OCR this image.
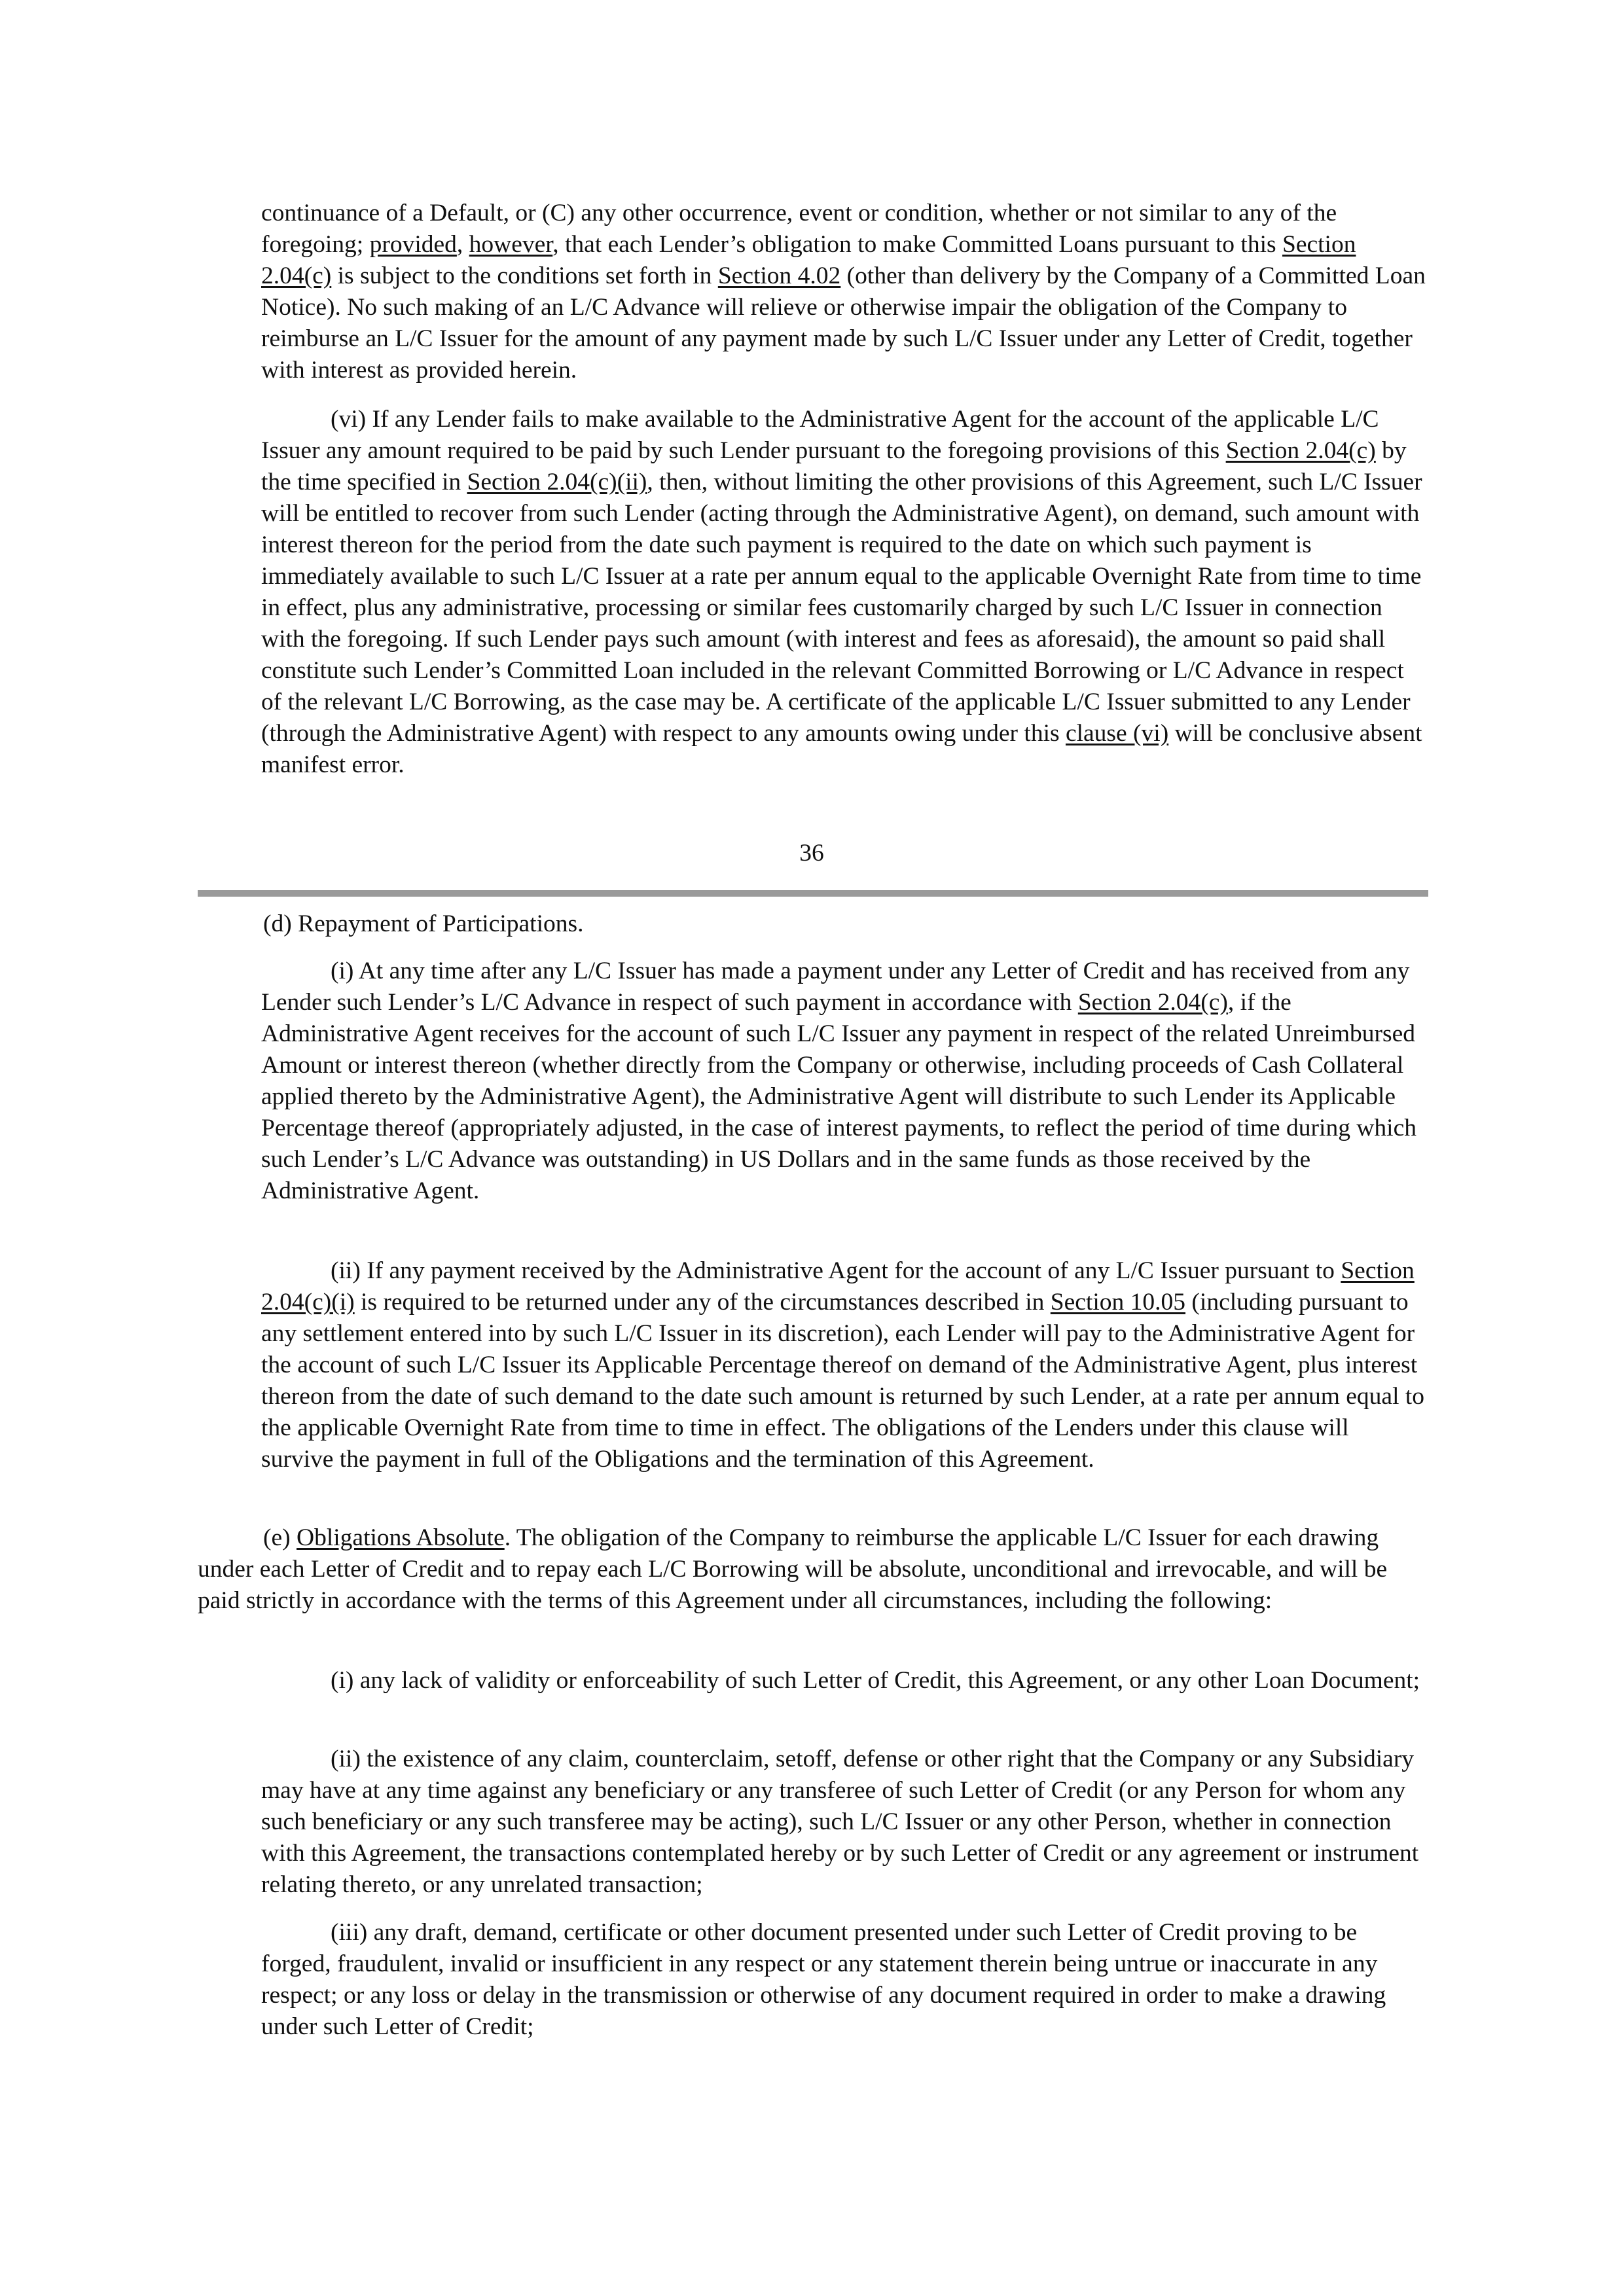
continuance of a Default, or (C) any other occurrence, event or condition, whether or not similar to any of the foregoing; provided, however, that each Lender’s obligation to make Committed Loans pursuant to this Section 2.04(c) is subject to the conditions set forth in Section 4.02 (other than delivery by the Company of a Committed Loan Notice). No such making of an L/C Advance will relieve or otherwise impair the obligation of the Company to reimburse an L/C Issuer for the amount of any payment made by such L/C Issuer under any Letter of Credit, together with interest as provided herein.

(vi) If any Lender fails to make available to the Administrative Agent for the account of the applicable L/C Issuer any amount required to be paid by such Lender pursuant to the foregoing provisions of this Section 2.04(c) by the time specified in Section 2.04(c)(ii), then, without limiting the other provisions of this Agreement, such L/C Issuer will be entitled to recover from such Lender (acting through the Administrative Agent), on demand, such amount with interest thereon for the period from the date such payment is required to the date on which such payment is immediately available to such L/C Issuer at a rate per annum equal to the applicable Overnight Rate from time to time in effect, plus any administrative, processing or similar fees customarily charged by such L/C Issuer in connection with the foregoing. If such Lender pays such amount (with interest and fees as aforesaid), the amount so paid shall constitute such Lender’s Committed Loan included in the relevant Committed Borrowing or L/C Advance in respect of the relevant L/C Borrowing, as the case may be. A certificate of the applicable L/C Issuer submitted to any Lender (through the Administrative Agent) with respect to any amounts owing under this clause (vi) will be conclusive absent manifest error.

36

(d) Repayment of Participations.

(i) At any time after any L/C Issuer has made a payment under any Letter of Credit and has received from any Lender such Lender’s L/C Advance in respect of such payment in accordance with Section 2.04(c), if the Administrative Agent receives for the account of such L/C Issuer any payment in respect of the related Unreimbursed Amount or interest thereon (whether directly from the Company or otherwise, including proceeds of Cash Collateral applied thereto by the Administrative Agent), the Administrative Agent will distribute to such Lender its Applicable Percentage thereof (appropriately adjusted, in the case of interest payments, to reflect the period of time during which such Lender’s L/C Advance was outstanding) in US Dollars and in the same funds as those received by the Administrative Agent.

(ii) If any payment received by the Administrative Agent for the account of any L/C Issuer pursuant to Section 2.04(c)(i) is required to be returned under any of the circumstances described in Section 10.05 (including pursuant to any settlement entered into by such L/C Issuer in its discretion), each Lender will pay to the Administrative Agent for the account of such L/C Issuer its Applicable Percentage thereof on demand of the Administrative Agent, plus interest thereon from the date of such demand to the date such amount is returned by such Lender, at a rate per annum equal to the applicable Overnight Rate from time to time in effect. The obligations of the Lenders under this clause will survive the payment in full of the Obligations and the termination of this Agreement.

(e) Obligations Absolute. The obligation of the Company to reimburse the applicable L/C Issuer for each drawing under each Letter of Credit and to repay each L/C Borrowing will be absolute, unconditional and irrevocable, and will be paid strictly in accordance with the terms of this Agreement under all circumstances, including the following:

(i) any lack of validity or enforceability of such Letter of Credit, this Agreement, or any other Loan Document;

(ii) the existence of any claim, counterclaim, setoff, defense or other right that the Company or any Subsidiary may have at any time against any beneficiary or any transferee of such Letter of Credit (or any Person for whom any such beneficiary or any such transferee may be acting), such L/C Issuer or any other Person, whether in connection with this Agreement, the transactions contemplated hereby or by such Letter of Credit or any agreement or instrument relating thereto, or any unrelated transaction;

(iii) any draft, demand, certificate or other document presented under such Letter of Credit proving to be forged, fraudulent, invalid or insufficient in any respect or any statement therein being untrue or inaccurate in any respect; or any loss or delay in the transmission or otherwise of any document required in order to make a drawing under such Letter of Credit;
